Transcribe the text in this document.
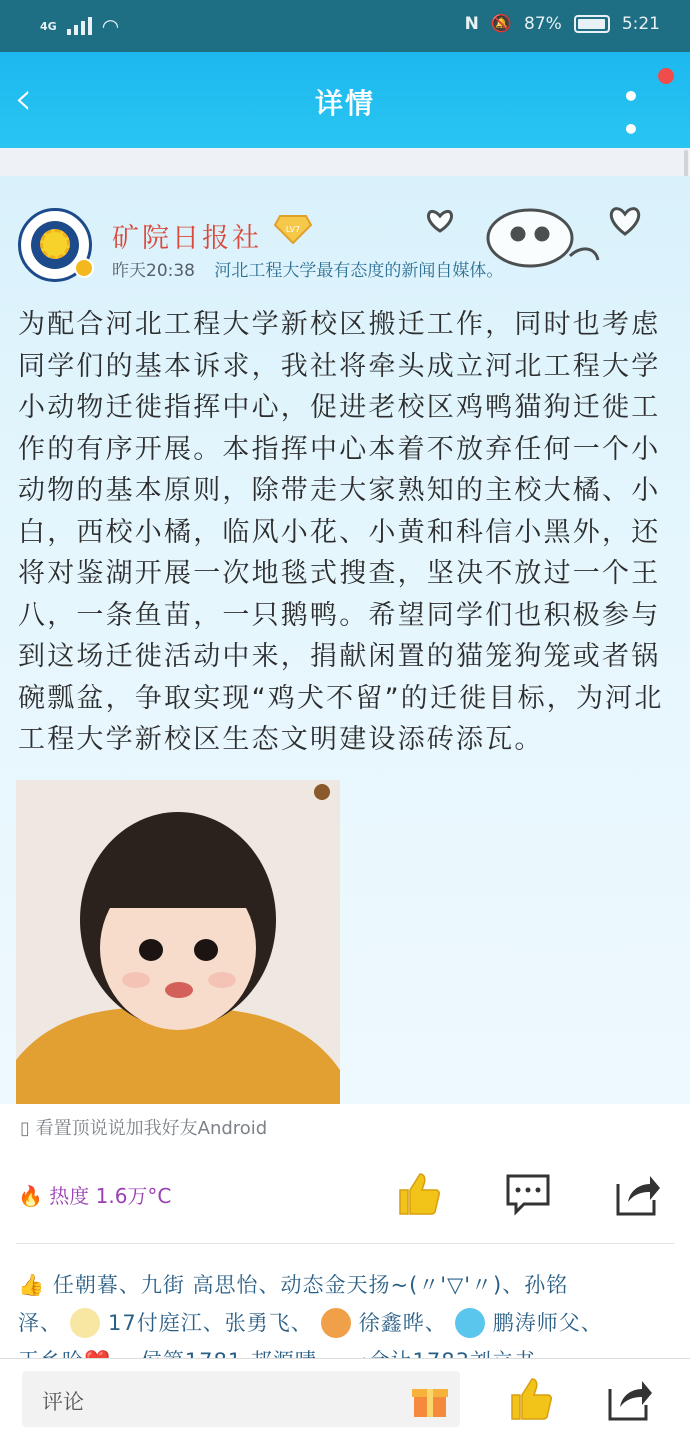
4G ◠	N 🔕 87%	5:21
‹	详情	• •
矿院日报社	LV7
昨天20:38 河北工程大学最有态度的新闻自媒体。
为配合河北工程大学新校区搬迁工作，同时也考虑同学们的基本诉求，我社将牵头成立河北工程大学小动物迁徙指挥中心，促进老校区鸡鸭猫狗迁徙工作的有序开展。本指挥中心本着不放弃任何一个小动物的基本原则，除带走大家熟知的主校大橘、小白，西校小橘，临风小花、小黄和科信小黑外，还将对鉴湖开展一次地毯式搜查，坚决不放过一个王八，一条鱼苗，一只鹅鸭。希望同学们也积极参与到这场迁徙活动中来，捐献闲置的猫笼狗笼或者锅碗瓢盆，争取实现“鸡犬不留”的迁徙目标，为河北工程大学新校区生态文明建设添砖添瓦。
▯ 看置顶说说加我好友Android
🔥 热度 1.6万°C
👍 任朝暮、九街 高思怡、动态金天扬~(〃'▽'〃)、孙铭
泽、 17付庭江、张勇飞、 徐鑫晔、 鹏涛师父、
评论
